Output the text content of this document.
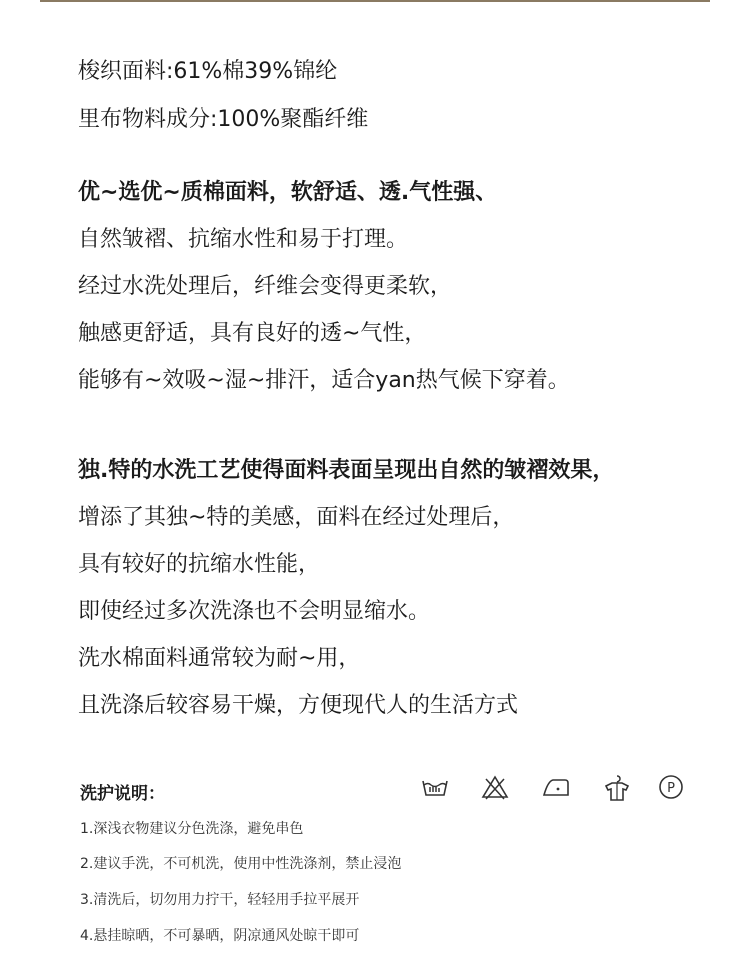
梭织面料:61%棉39%锦纶

里布物料成分:100%聚酯纤维

优~选优~质棉面料，软舒适、透.气性强、

自然皱褶、抗缩水性和易于打理。

经过水洗处理后，纤维会变得更柔软，

触感更舒适，具有良好的透~气性，

能够有~效吸~湿~排汗，适合yan热气候下穿着。

独.特的水洗工艺使得面料表面呈现出自然的皱褶效果，

增添了其独~特的美感，面料在经过处理后，

具有较好的抗缩水性能，

即使经过多次洗涤也不会明显缩水。

洗水棉面料通常较为耐~用，

且洗涤后较容易干燥，方便现代人的生活方式

洗护说明：	P

1.深浅衣物建议分色洗涤，避免串色

2.建议手洗，不可机洗，使用中性洗涤剂，禁止浸泡

3.清洗后，切勿用力拧干，轻轻用手拉平展开

4.悬挂晾晒，不可暴晒，阴凉通风处晾干即可
